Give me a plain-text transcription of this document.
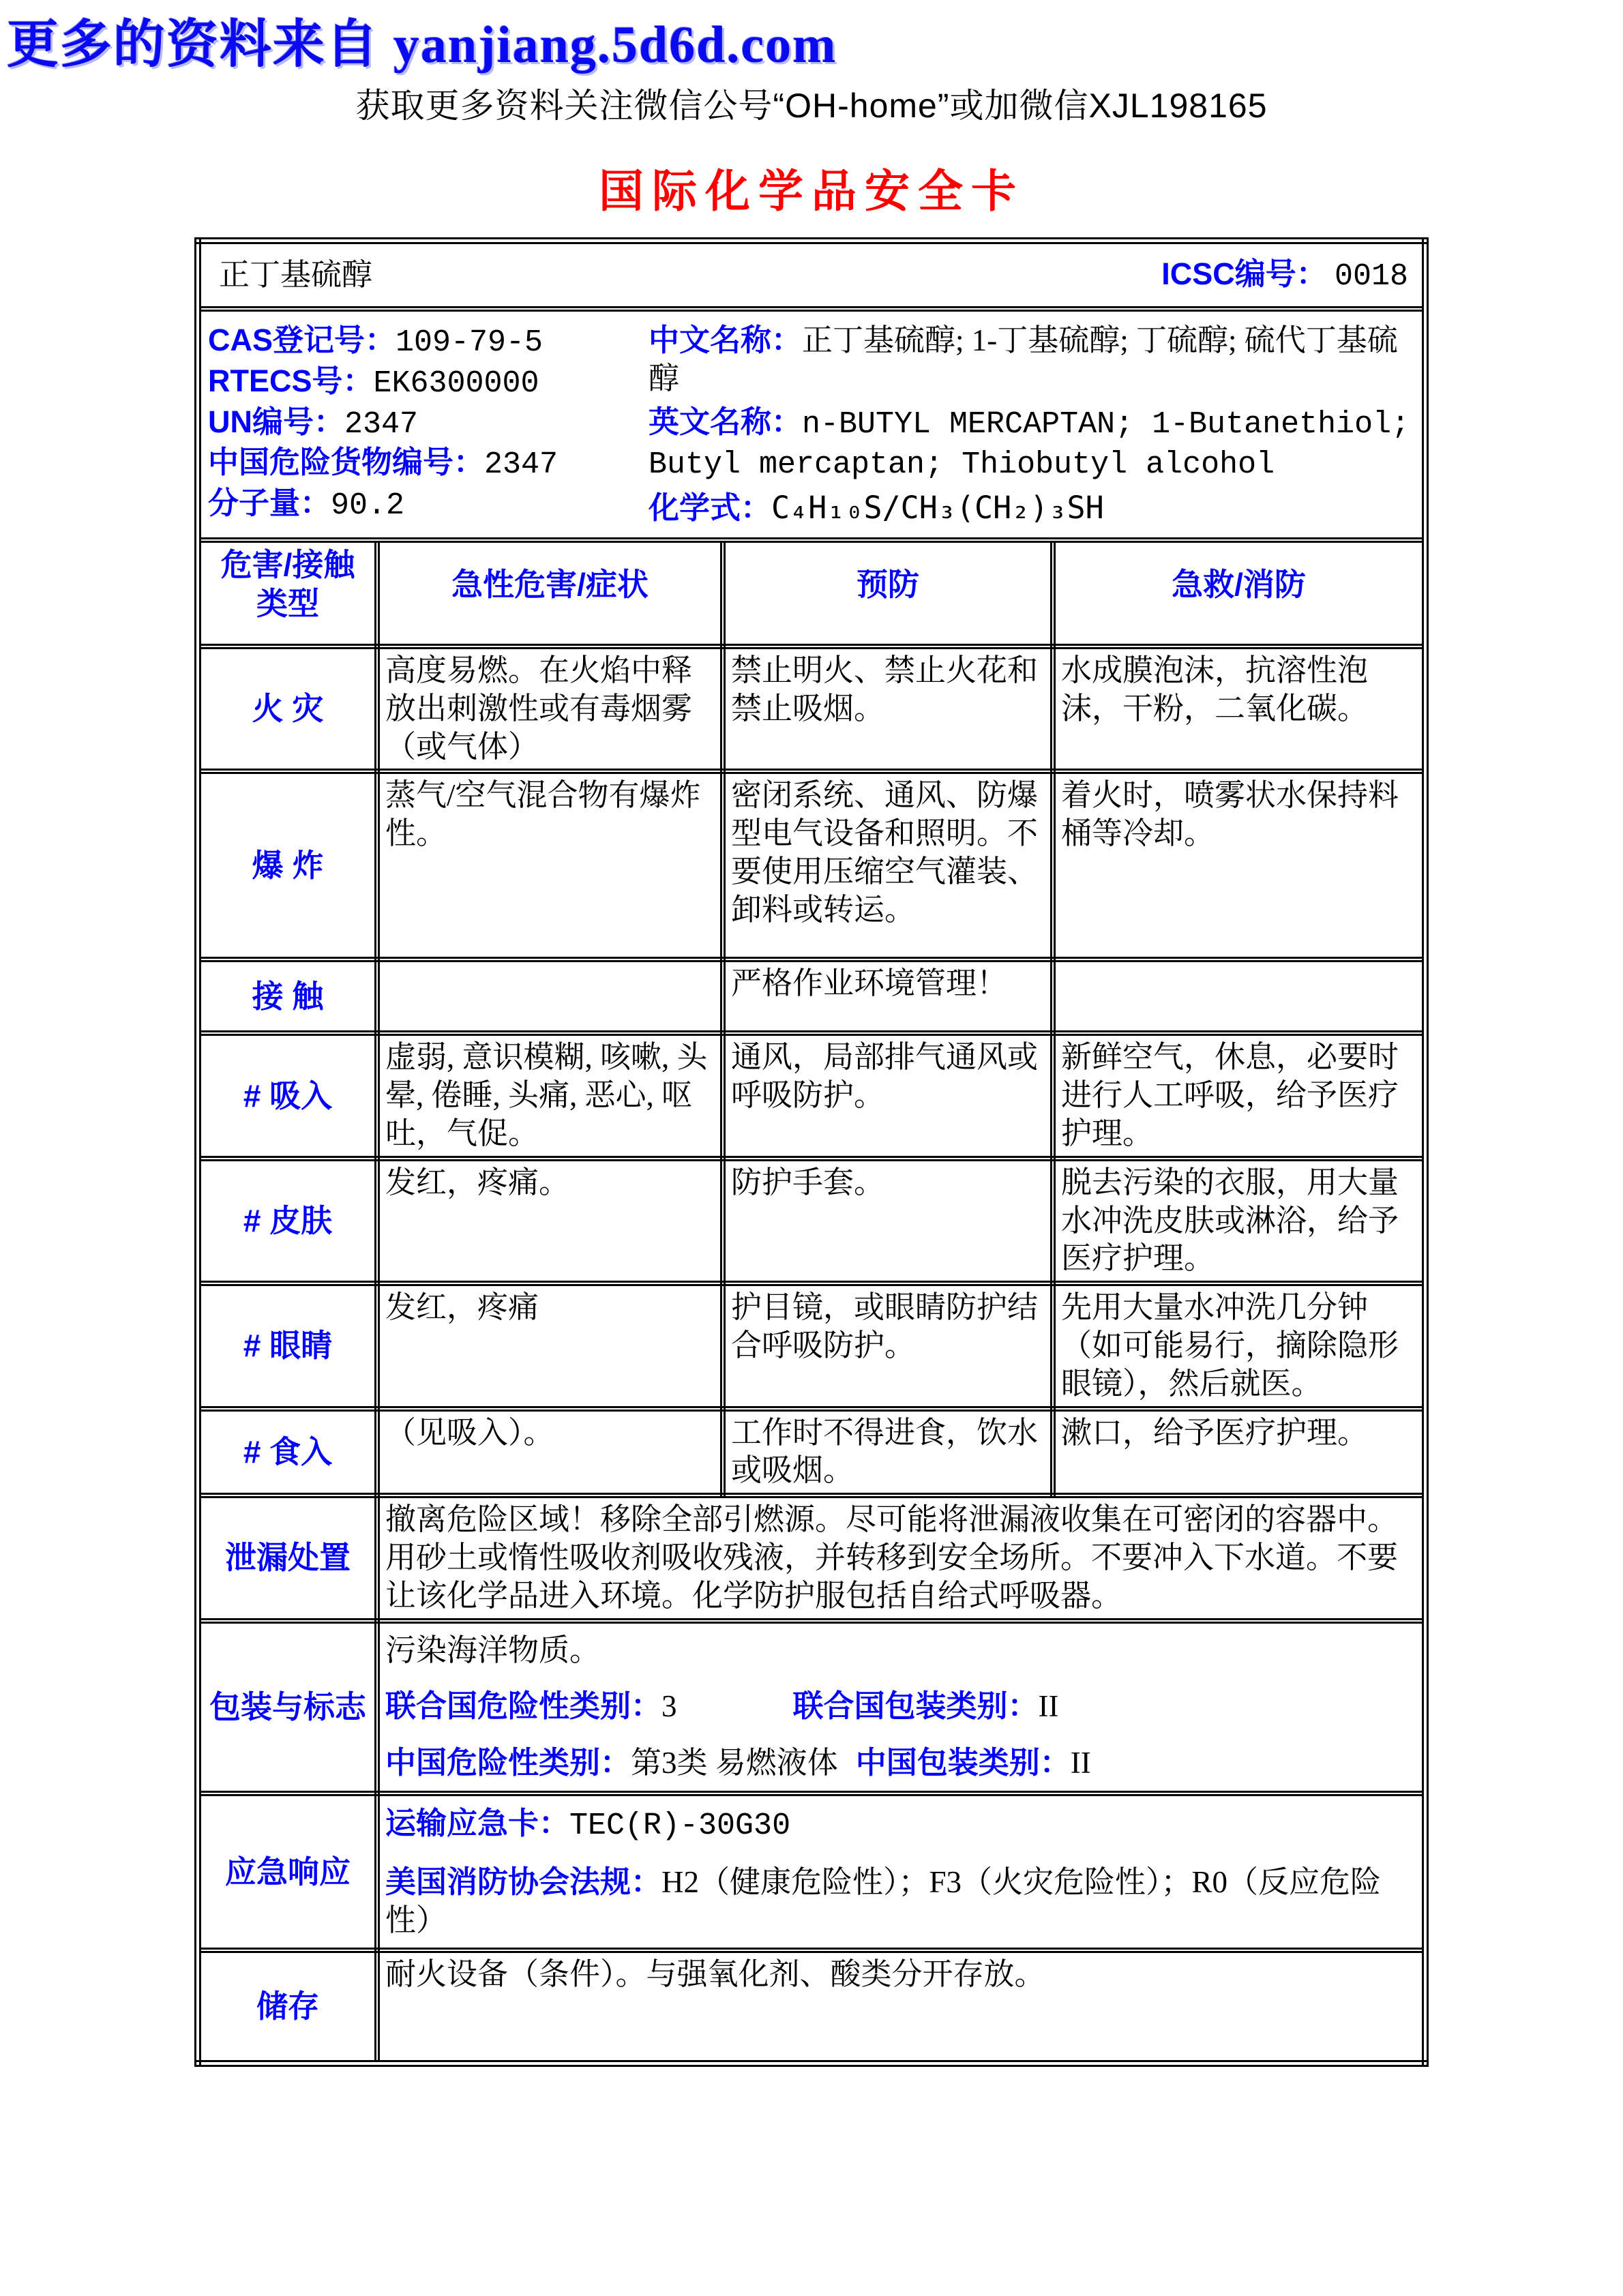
更多的资料来自 yanjiang.5d6d.com
获取更多资料关注微信公号“OH-home”或加微信XJL198165
国际化学品安全卡
正丁基硫醇 ICSC编号： 0018			

CAS登记号：109-79-5
RTECS号：EK6300000
UN编号：2347
中国危险货物编号：2347
分子量：90.2
中文名称：正丁基硫醇; 1-丁基硫醇; 丁硫醇; 硫代丁基硫醇
英文名称：n-BUTYL MERCAPTAN; 1-Butanethiol; Butyl mercaptan; Thiobutyl alcohol
化学式：C₄H₁₀S/CH₃(CH₂)₃SH

危害/接触类型	急性危害/症状	预防	急救/消防
火 灾	高度易燃。在火焰中释放出刺激性或有毒烟雾（或气体）	禁止明火、禁止火花和禁止吸烟。	水成膜泡沫，抗溶性泡沫，干粉，二氧化碳。
爆 炸	蒸气/空气混合物有爆炸性。	密闭系统、通风、防爆型电气设备和照明。不要使用压缩空气灌装、卸料或转运。	着火时，喷雾状水保持料桶等冷却。
接 触		严格作业环境管理！	
# 吸入	虚弱, 意识模糊, 咳嗽, 头晕, 倦睡, 头痛, 恶心, 呕吐，气促。	通风，局部排气通风或呼吸防护。	新鲜空气，休息，必要时进行人工呼吸，给予医疗护理。
# 皮肤	发红，疼痛。	防护手套。	脱去污染的衣服，用大量水冲洗皮肤或淋浴，给予医疗护理。
# 眼睛	发红，疼痛	护目镜，或眼睛防护结合呼吸防护。	先用大量水冲洗几分钟（如可能易行，摘除隐形眼镜），然后就医。
# 食入	（见吸入）。	工作时不得进食，饮水或吸烟。	漱口，给予医疗护理。
泄漏处置	撤离危险区域！移除全部引燃源。尽可能将泄漏液收集在可密闭的容器中。用砂土或惰性吸收剂吸收残液，并转移到安全场所。不要冲入下水道。不要让该化学品进入环境。化学防护服包括自给式呼吸器。		
包装与标志	污染海洋物质。
联合国危险性类别：3 联合国包装类别：II
中国危险性类别：第3类 易燃液体 中国包装类别：II		

应急响应	运输应急卡：TEC(R)-30G30
美国消防协会法规：H2（健康危险性）；F3（火灾危险性）；R0（反应危险性）		

储存	耐火设备（条件）。与强氧化剂、酸类分开存放。		
